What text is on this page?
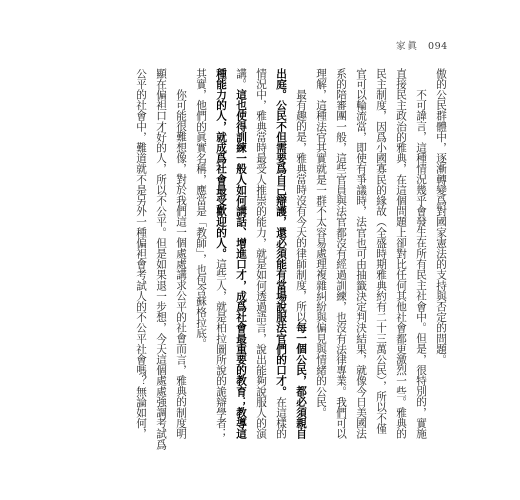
家眞 094
傲的公民群體中，逐漸轉變爲對國家憲法的支持與否定的問題。
不可諱言，這種情況幾乎會發生在所有民主社會中。但是，很特別的，實施
直接民主政治的雅典，在這個問題上卻對比任何其他社會都更激烈一些。雅典的
民主制度，因爲小國寡民的緣故（全盛時期雅典約有二十三萬公民），所以不僅
官可以輪流當，即使有爭議時，法官也可由抽籤決定判決結果，就像今日美國法
系的陪審團一般，這些官員與法官都沒有經過訓練，也沒有法律專業。我們可以
理解，這種法官其實就是一群不太容易處理複雜糾紛與偏見與情緒的公民。
最有趣的是，雅典當時沒有今天的律師制度，所以每一個公民，都必須親自
出庭。公民不但需要爲自己辯護，還必須能有當場說服法官們的口才。在這樣的
情況中，雅典當時最受人推崇的能力，就是如何透過語言，說出能夠說服人的演
講。這也使得訓練一般人如何講話、增進口才，成爲社會最重要的教育；教導這
種能力的人，就成爲社會最受歡迎的人。這些人，就是柏拉圖所說的詭辯學者；
其實，他們的眞實名稱，應當是「教師」，也包含蘇格拉底。
你可能很難想像，對於我們這一個處處講求公平的社會而言，雅典的制度明
顯在偏袒口才好的人，所以不公平。但是如果退一步想，今天這個處處強調考試爲
公平的社會中，難道就不是另外一種偏袒會考試人的不公平社會嗎？無論如何，
